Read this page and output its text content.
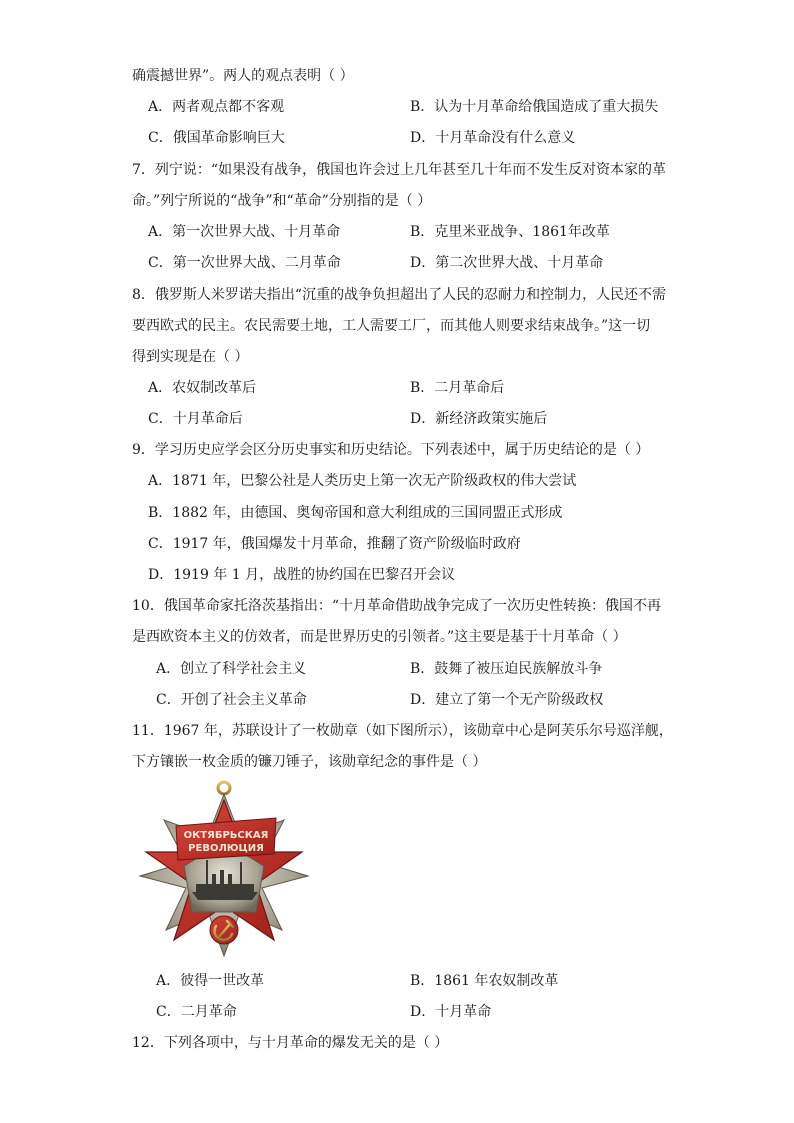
确震撼世界”。两人的观点表明（ ）
A．两者观点都不客观	B．认为十月革命给俄国造成了重大损失
C．俄国革命影响巨大	D．十月革命没有什么意义
7．列宁说：“如果没有战争，俄国也许会过上几年甚至几十年而不发生反对资本家的革
命。”列宁所说的“战争”和“革命”分别指的是（ ）
A．第一次世界大战、十月革命	B．克里米亚战争、1861年改革
C．第一次世界大战、二月革命	D．第二次世界大战、十月革命
8．俄罗斯人米罗诺夫指出“沉重的战争负担超出了人民的忍耐力和控制力，人民还不需
要西欧式的民主。农民需要土地，工人需要工厂，而其他人则要求结束战争。”这一切
得到实现是在（ ）
A．农奴制改革后	B．二月革命后
C．十月革命后	D．新经济政策实施后
9．学习历史应学会区分历史事实和历史结论。下列表述中，属于历史结论的是（ ）
A．1871 年，巴黎公社是人类历史上第一次无产阶级政权的伟大尝试
B．1882 年，由德国、奥匈帝国和意大利组成的三国同盟正式形成
C．1917 年，俄国爆发十月革命，推翻了资产阶级临时政府
D．1919 年 1 月，战胜的协约国在巴黎召开会议
10．俄国革命家托洛茨基指出：“十月革命借助战争完成了一次历史性转换：俄国不再
是西欧资本主义的仿效者，而是世界历史的引领者。”这主要是基于十月革命（ ）
A．创立了科学社会主义	B．鼓舞了被压迫民族解放斗争
C．开创了社会主义革命	D．建立了第一个无产阶级政权
11．1967 年，苏联设计了一枚勋章（如下图所示），该勋章中心是阿芙乐尔号巡洋舰，
下方镶嵌一枚金质的镰刀锤子，该勋章纪念的事件是（ ）
ОКТЯБРЬСКАЯ
РЕВОЛЮЦИЯ
A．彼得一世改革	B．1861 年农奴制改革
C．二月革命	D．十月革命
12．下列各项中，与十月革命的爆发无关的是（ ）
